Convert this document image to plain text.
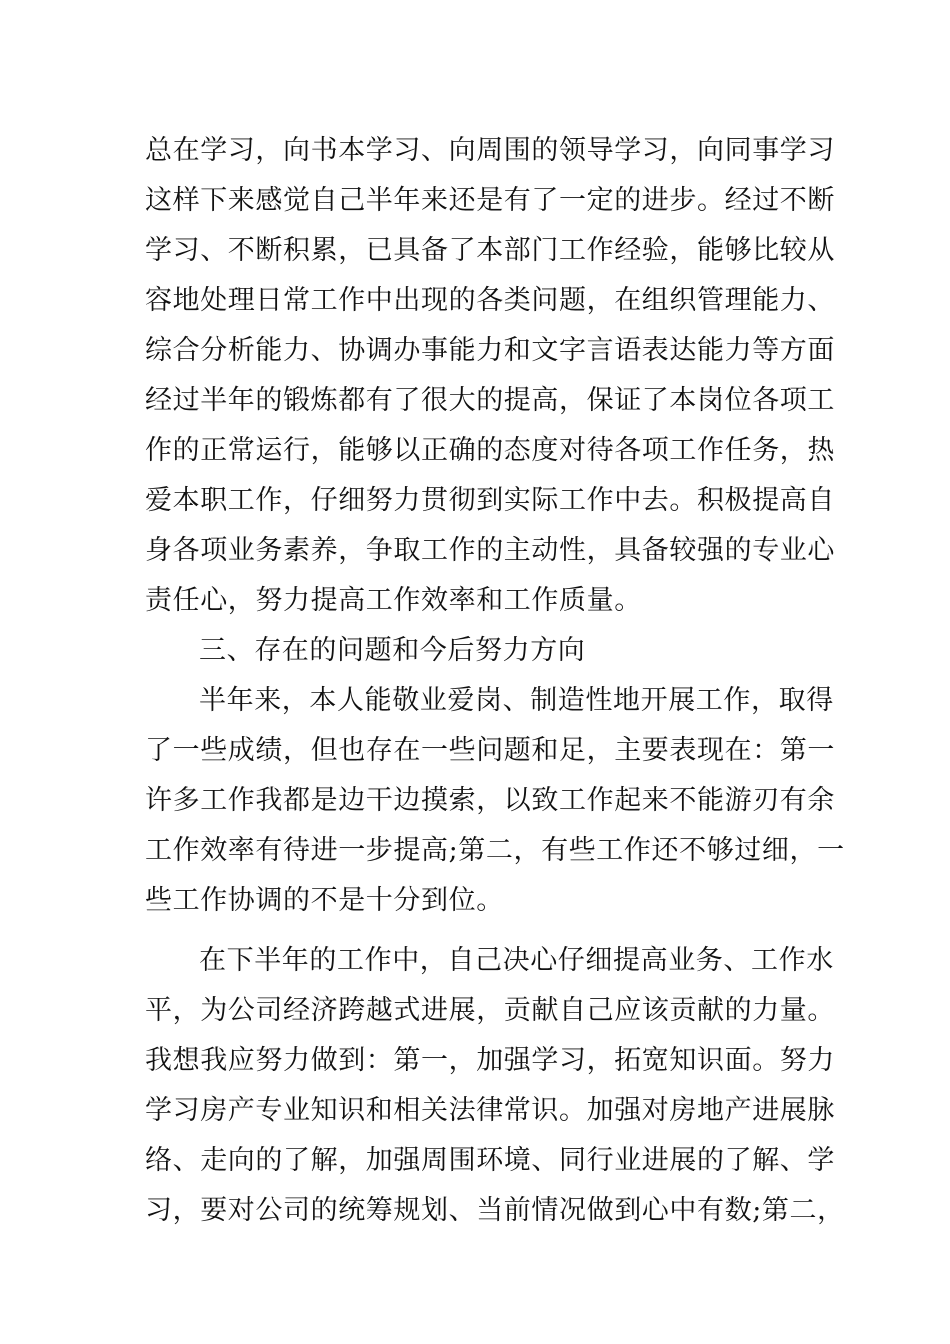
总在学习，向书本学习、向周围的领导学习，向同事学习
这样下来感觉自己半年来还是有了一定的进步。经过不断
学习、不断积累，已具备了本部门工作经验，能够比较从
容地处理日常工作中出现的各类问题，在组织管理能力、
综合分析能力、协调办事能力和文字言语表达能力等方面
经过半年的锻炼都有了很大的提高，保证了本岗位各项工
作的正常运行，能够以正确的态度对待各项工作任务，热
爱本职工作，仔细努力贯彻到实际工作中去。积极提高自
身各项业务素养，争取工作的主动性，具备较强的专业心
责任心，努力提高工作效率和工作质量。
三、存在的问题和今后努力方向
半年来，本人能敬业爱岗、制造性地开展工作，取得
了一些成绩，但也存在一些问题和足，主要表现在：第一
许多工作我都是边干边摸索，以致工作起来不能游刃有余
工作效率有待进一步提高;第二，有些工作还不够过细，一
些工作协调的不是十分到位。
在下半年的工作中，自己决心仔细提高业务、工作水
平，为公司经济跨越式进展，贡献自己应该贡献的力量。
我想我应努力做到：第一，加强学习，拓宽知识面。努力
学习房产专业知识和相关法律常识。加强对房地产进展脉
络、走向的了解，加强周围环境、同行业进展的了解、学
习，要对公司的统筹规划、当前情况做到心中有数;第二，
